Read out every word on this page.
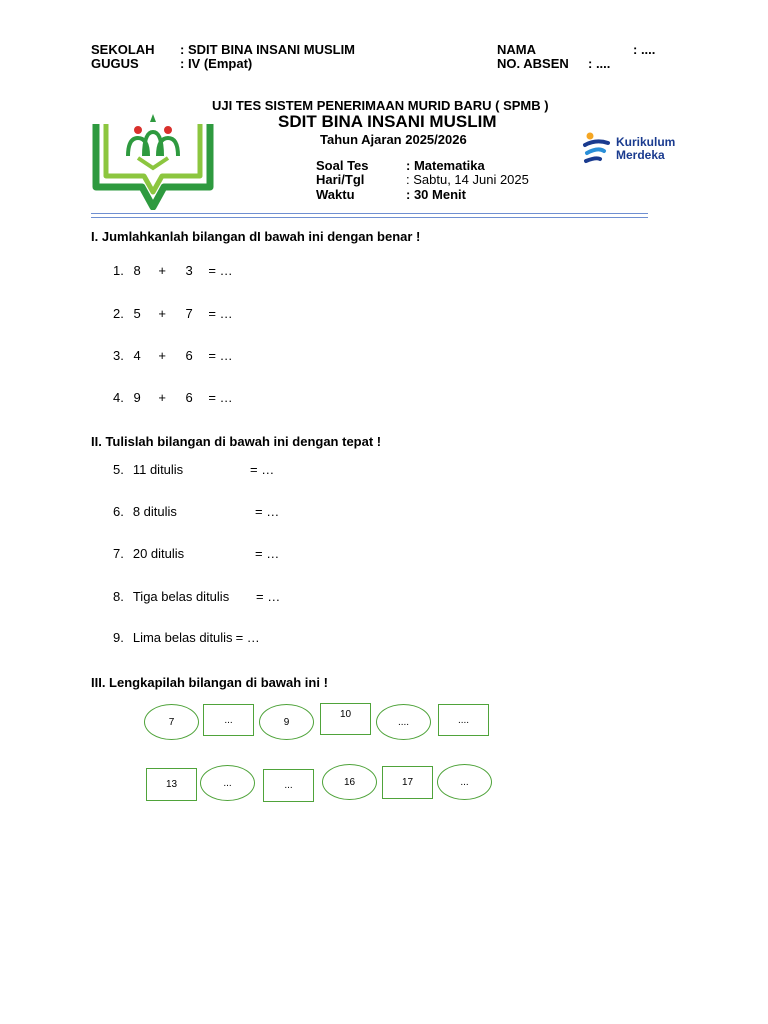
SEKOLAH : SDIT BINA INSANI MUSLIM
GUGUS	: IV (Empat)
NAMA	: ....
NO. ABSEN : ....
UJI TES SISTEM PENERIMAAN MURID BARU ( SPMB )
SDIT BINA INSANI MUSLIM
Tahun Ajaran 2025/2026
Soal Tes	: Matematika
Hari/Tgl	: Sabtu, 14 Juni 2025
Waktu	: 30 Menit
Kurikulum
Merdeka
I. Jumlahkanlah bilangan dI bawah ini dengan benar !
1. 8 + 3 = …
2. 5 + 7 = …
3. 4 + 6 = …
4. 9 + 6 = …
II. Tulislah bilangan di bawah ini dengan tepat !
5. 11 ditulis	= …
6. 8 ditulis	= …
7. 20 ditulis	= …
8. Tiga belas ditulis = …
9. Lima belas ditulis = …
III. Lengkapilah bilangan di bawah ini !
7	...	9
10
....	....
13	...	...	16	17	...
